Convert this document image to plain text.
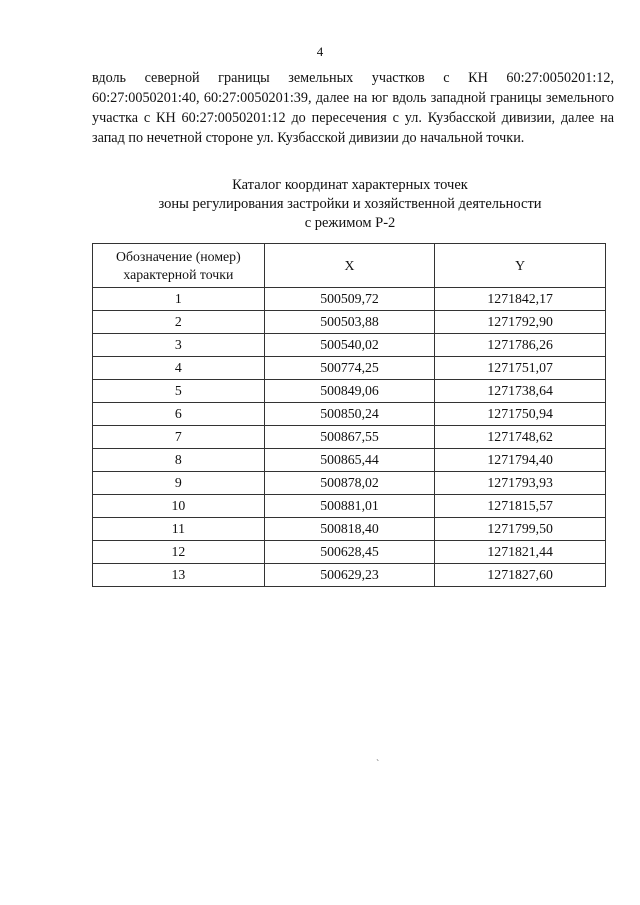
4

вдоль северной границы земельных участков с КН 60:27:0050201:12, 60:27:0050201:40, 60:27:0050201:39, далее на юг вдоль западной границы земельного участка с КН 60:27:0050201:12 до пересечения с ул. Кузбасской дивизии, далее на запад по нечетной стороне ул. Кузбасской дивизии до начальной точки.

Каталог координат характерных точек
зоны регулирования застройки и хозяйственной деятельности
с режимом Р-2
Обозначение (номер) характерной точки	X	Y
1	500509,72	1271842,17
2	500503,88	1271792,90
3	500540,02	1271786,26
4	500774,25	1271751,07
5	500849,06	1271738,64
6	500850,24	1271750,94
7	500867,55	1271748,62
8	500865,44	1271794,40
9	500878,02	1271793,93
10	500881,01	1271815,57
11	500818,40	1271799,50
12	500628,45	1271821,44
13	500629,23	1271827,60
`
